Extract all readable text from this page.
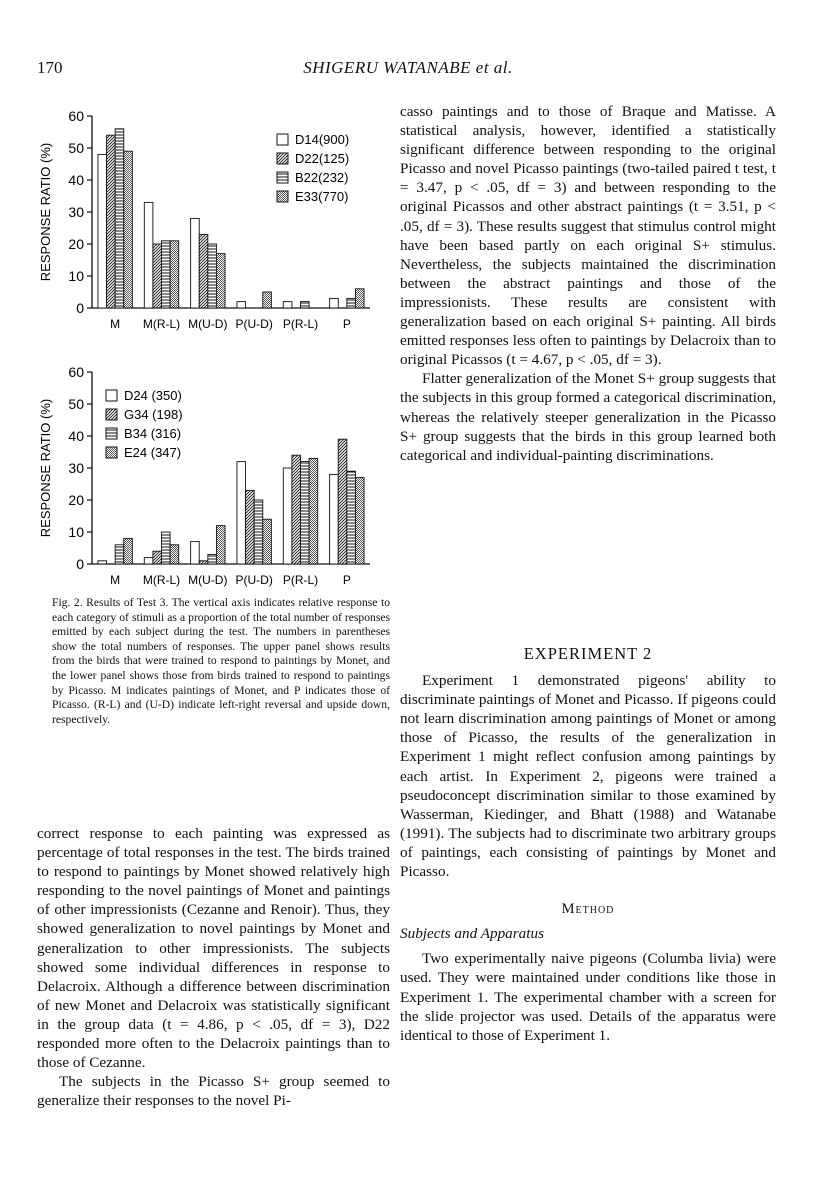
170	SHIGERU WATANABE et al.
0
10
20
30
40
50
60
RESPONSE RATIO (%)
M M(R-L) M(U-D) P(U-D) P(R-L) P
D14(900)
D22(125)
B22(232)
E33(770)
0
10
20
30
40
50
60
RESPONSE RATIO (%)
M M(R-L) M(U-D) P(U-D) P(R-L) P
D24 (350)
G34 (198)
B34 (316)
E24 (347)
Fig. 2. Results of Test 3. The vertical axis indicates relative response to each category of stimuli as a proportion of the total number of responses emitted by each subject during the test. The numbers in parentheses show the total numbers of responses. The upper panel shows results from the birds that were trained to respond to paintings by Monet, and the lower panel shows those from birds trained to respond to paintings by Picasso. M indicates paintings of Monet, and P indicates those of Picasso. (R-L) and (U-D) indicate left-right reversal and upside down, respectively.

correct response to each painting was expressed as percentage of total responses in the test. The birds trained to respond to paintings by Monet showed relatively high responding to the novel paintings of Monet and paintings of other impressionists (Cezanne and Renoir). Thus, they showed generalization to novel paintings by Monet and generalization to other impressionists. The subjects showed some individual differences in response to Delacroix. Although a difference between discrimination of new Monet and Delacroix was statistically significant in the group data (t = 4.86, p < .05, df = 3), D22 responded more often to the Delacroix paintings than to those of Cezanne.

The subjects in the Picasso S+ group seemed to generalize their responses to the novel Pi-

casso paintings and to those of Braque and Matisse. A statistical analysis, however, identified a statistically significant difference between responding to the original Picasso and novel Picasso paintings (two-tailed paired t test, t = 3.47, p < .05, df = 3) and between responding to the original Picassos and other abstract paintings (t = 3.51, p < .05, df = 3). These results suggest that stimulus control might have been based partly on each original S+ stimulus. Nevertheless, the subjects maintained the discrimination between the abstract paintings and those of the impressionists. These results are consistent with generalization based on each original S+ painting. All birds emitted responses less often to paintings by Delacroix than to original Picassos (t = 4.67, p < .05, df = 3).

Flatter generalization of the Monet S+ group suggests that the subjects in this group formed a categorical discrimination, whereas the relatively steeper generalization in the Picasso S+ group suggests that the birds in this group learned both categorical and individual-painting discriminations.

EXPERIMENT 2

Experiment 1 demonstrated pigeons' ability to discriminate paintings of Monet and Picasso. If pigeons could not learn discrimination among paintings of Monet or among those of Picasso, the results of the generalization in Experiment 1 might reflect confusion among paintings by each artist. In Experiment 2, pigeons were trained a pseudoconcept discrimination similar to those examined by Wasserman, Kiedinger, and Bhatt (1988) and Watanabe (1991). The subjects had to discriminate two arbitrary groups of paintings, each consisting of paintings by Monet and Picasso.

Method

Subjects and Apparatus

Two experimentally naive pigeons (Columba livia) were used. They were maintained under conditions like those in Experiment 1. The experimental chamber with a screen for the slide projector was used. Details of the apparatus were identical to those of Experiment 1.
